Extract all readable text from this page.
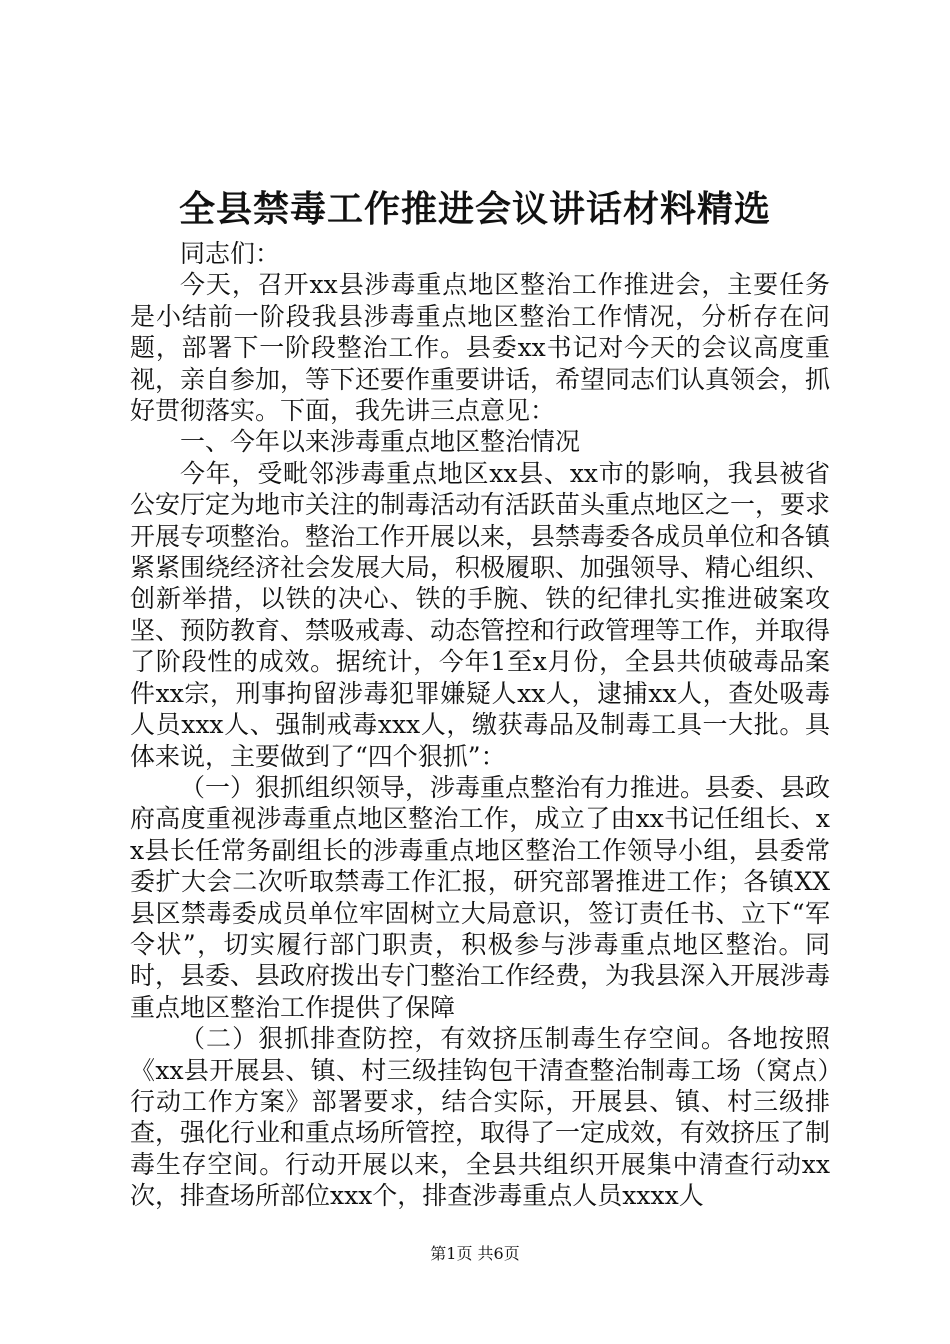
全县禁毒工作推进会议讲话材料精选

同志们：

今天，召开xx县涉毒重点地区整治工作推进会，主要任务是小结前一阶段我县涉毒重点地区整治工作情况，分析存在问题，部署下一阶段整治工作。县委xx书记对今天的会议高度重视，亲自参加，等下还要作重要讲话，希望同志们认真领会，抓好贯彻落实。下面，我先讲三点意见：

一、今年以来涉毒重点地区整治情况

今年，受毗邻涉毒重点地区xx县、xx市的影响，我县被省公安厅定为地市关注的制毒活动有活跃苗头重点地区之一，要求开展专项整治。整治工作开展以来，县禁毒委各成员单位和各镇紧紧围绕经济社会发展大局，积极履职、加强领导、精心组织、创新举措，以铁的决心、铁的手腕、铁的纪律扎实推进破案攻坚、预防教育、禁吸戒毒、动态管控和行政管理等工作，并取得了阶段性的成效。据统计，今年1至x月份，全县共侦破毒品案件xx宗，刑事拘留涉毒犯罪嫌疑人xx人，逮捕xx人，查处吸毒人员xxx人、强制戒毒xxx人，缴获毒品及制毒工具一大批。具体来说，主要做到了“四个狠抓”：

（一）狠抓组织领导，涉毒重点整治有力推进。县委、县政府高度重视涉毒重点地区整治工作，成立了由xx书记任组长、xx县长任常务副组长的涉毒重点地区整治工作领导小组，县委常委扩大会二次听取禁毒工作汇报，研究部署推进工作；各镇XX县区禁毒委成员单位牢固树立大局意识，签订责任书、立下“军令状”，切实履行部门职责，积极参与涉毒重点地区整治。同时，县委、县政府拨出专门整治工作经费，为我县深入开展涉毒重点地区整治工作提供了保障

（二）狠抓排查防控，有效挤压制毒生存空间。各地按照《xx县开展县、镇、村三级挂钩包干清查整治制毒工场（窝点）行动工作方案》部署要求，结合实际，开展县、镇、村三级排查，强化行业和重点场所管控，取得了一定成效，有效挤压了制毒生存空间。行动开展以来，全县共组织开展集中清查行动xx次，排查场所部位xxx个，排查涉毒重点人员xxxx人

第1页 共6页
